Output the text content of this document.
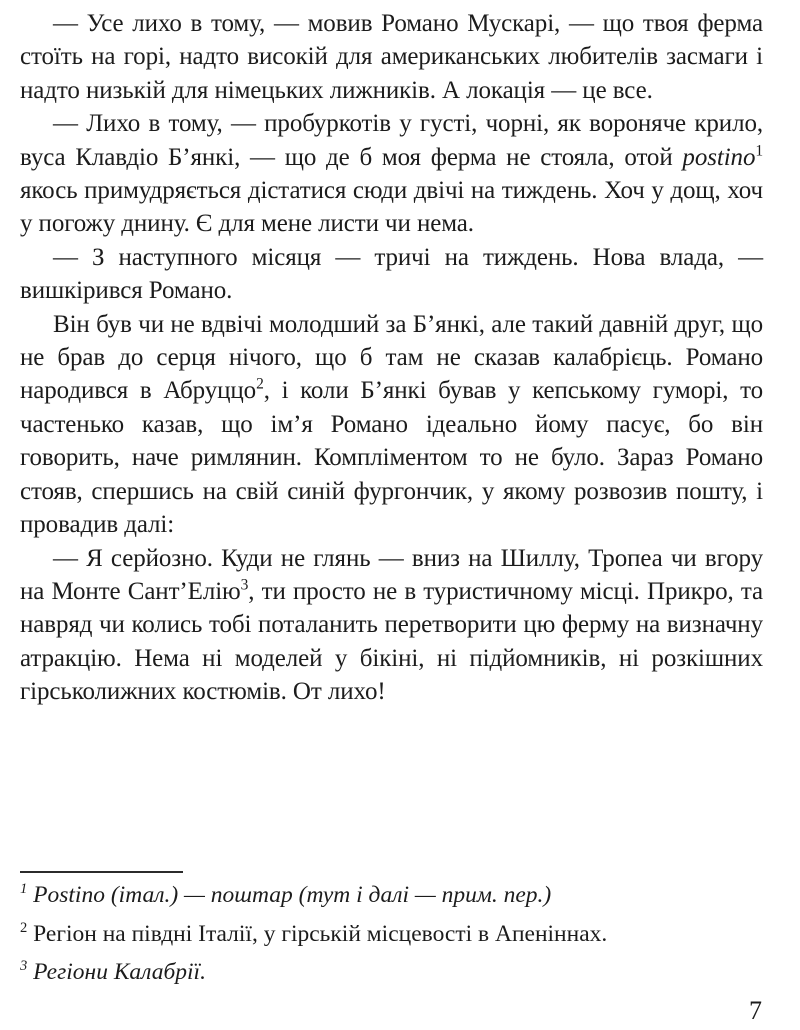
— Усе лихо в тому, — мовив Романо Мускарі, — що твоя ферма стоїть на горі, надто високій для американських любителів засмаги і надто низькій для німецьких лижників. А локація — це все.

— Лихо в тому, — пробуркотів у густі, чорні, як вороняче крило, вуса Клавдіо Б’янкі, — що де б моя ферма не стояла, отой postino$^1$ якось примудряється дістатися сюди двічі на тиждень. Хоч у дощ, хоч у погожу днину. Є для мене листи чи нема.

— З наступного місяця — тричі на тиждень. Нова влада, — вишкірився Романо.

Він був чи не вдвічі молодший за Б’янкі, але такий давній друг, що не брав до серця нічого, що б там не сказав калабрієць. Романо народився в Абруццо$^2$, і коли Б’янкі бував у кепському гуморі, то частенько казав, що ім’я Романо ідеально йому пасує, бо він говорить, наче римлянин. Компліментом то не було. Зараз Романо стояв, спершись на свій синій фургончик, у якому розвозив пошту, і провадив далі:

— Я серйозно. Куди не глянь — вниз на Шиллу, Тропеа чи вгору на Монте Сант’Елію$^3$, ти просто не в туристичному місці. Прикро, та навряд чи колись тобі поталанить перетворити цю ферму на визначну атракцію. Нема ні моделей у бікіні, ні підйомників, ні розкішних гірськолижних костюмів. От лихо!

$^1$ Postino (італ.) — поштар (тут і далі — прим. пер.)

$^2$ Регіон на півдні Італії, у гірській місцевості в Апеніннах.

$^3$ Регіони Калабрії.

7
